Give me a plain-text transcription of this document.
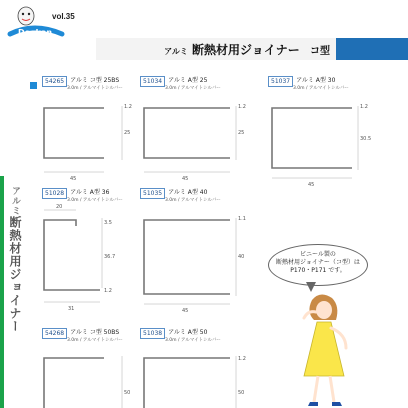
Dookan
vol.35
アルミ 断熱材用ジョイナー コ型
アルミ断熱材用ジョイナー
54265 アルミ コ型 25BS
3.0m / アルマイトシルバー
1.2
25
45
51034 アルミ A型 25
3.0m / アルマイトシルバー
1.2
25
45
51037 アルミ A型 30
3.0m / アルマイトシルバー
1.2
30.5
45
51028 アルミ A型 36
3.0m / アルマイトシルバー
20
3.5
36.7
31
1.2
51035 アルミ A型 40
3.0m / アルマイトシルバー
1.1
40
45
54268 アルミ コ型 50BS
3.0m / アルマイトシルバー
50
51038 アルミ A型 50
3.0m / アルマイトシルバー
1.2
50

ビニール製の

断熱材用ジョイナー（コ型）は

P170・P171 です。
